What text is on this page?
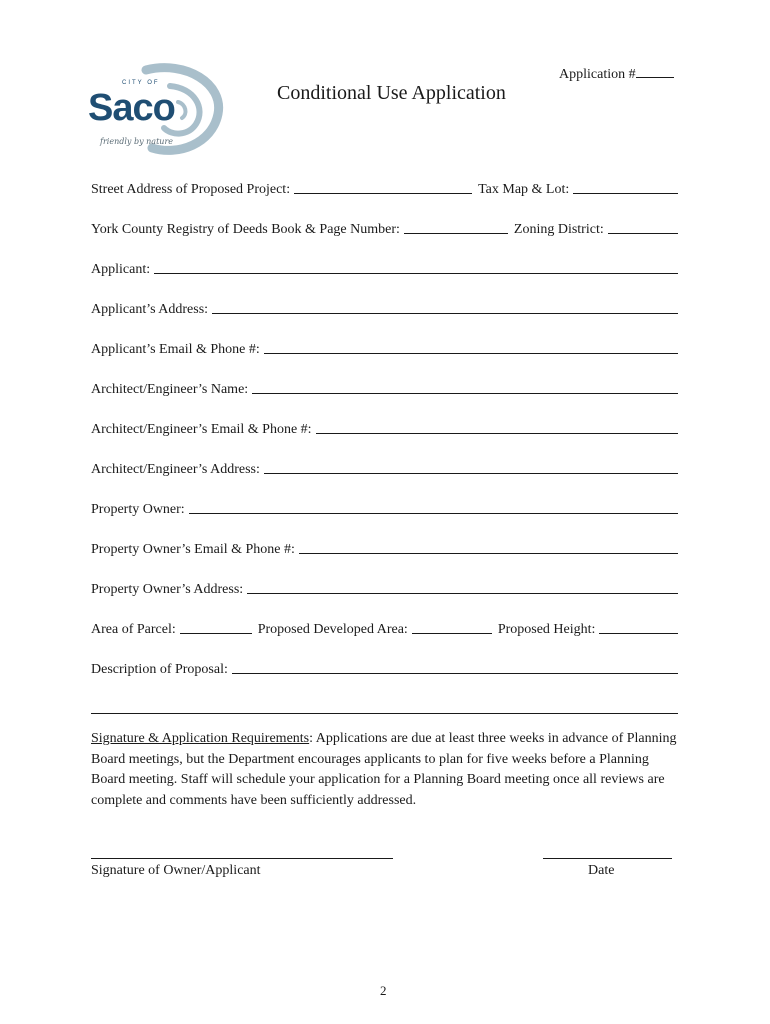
CITY OF
Saco
friendly by nature
Application #
Conditional Use Application
Street Address of Proposed Project:	Tax Map & Lot:
York County Registry of Deeds Book & Page Number:	Zoning District:
Applicant:
Applicant’s Address:
Applicant’s Email & Phone #:
Architect/Engineer’s Name:
Architect/Engineer’s Email & Phone #:
Architect/Engineer’s Address:
Property Owner:
Property Owner’s Email & Phone #:
Property Owner’s Address:
Area of Parcel:	Proposed Developed Area:	Proposed Height:
Description of Proposal:
Signature & Application Requirements: Applications are due at least three weeks in advance of Planning Board meetings, but the Department encourages applicants to plan for five weeks before a Planning Board meeting. Staff will schedule your application for a Planning Board meeting once all reviews are complete and comments have been sufficiently addressed.
Signature of Owner/Applicant	Date
2
